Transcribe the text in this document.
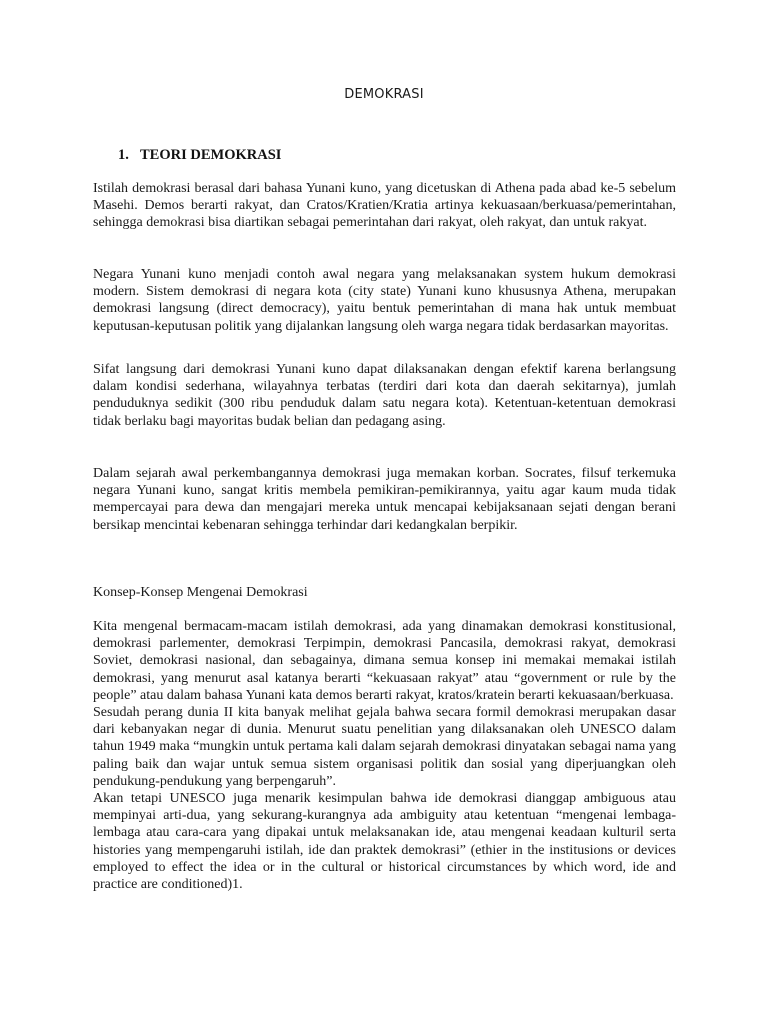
DEMOKRASI
1. TEORI DEMOKRASI

Istilah demokrasi berasal dari bahasa Yunani kuno, yang dicetuskan di Athena pada abad ke-5 sebelum Masehi. Demos berarti rakyat, dan Cratos/Kratien/Kratia artinya kekuasaan/berkuasa/pemerintahan, sehingga demokrasi bisa diartikan sebagai pemerintahan dari rakyat, oleh rakyat, dan untuk rakyat.

Negara Yunani kuno menjadi contoh awal negara yang melaksanakan system hukum demokrasi modern. Sistem demokrasi di negara kota (city state) Yunani kuno khususnya Athena, merupakan demokrasi langsung (direct democracy), yaitu bentuk pemerintahan di mana hak untuk membuat keputusan-keputusan politik yang dijalankan langsung oleh warga negara tidak berdasarkan mayoritas.

Sifat langsung dari demokrasi Yunani kuno dapat dilaksanakan dengan efektif karena berlangsung dalam kondisi sederhana, wilayahnya terbatas (terdiri dari kota dan daerah sekitarnya), jumlah penduduknya sedikit (300 ribu penduduk dalam satu negara kota). Ketentuan-ketentuan demokrasi tidak berlaku bagi mayoritas budak belian dan pedagang asing.

Dalam sejarah awal perkembangannya demokrasi juga memakan korban. Socrates, filsuf terkemuka negara Yunani kuno, sangat kritis membela pemikiran-pemikirannya, yaitu agar kaum muda tidak mempercayai para dewa dan mengajari mereka untuk mencapai kebijaksanaan sejati dengan berani bersikap mencintai kebenaran sehingga terhindar dari kedangkalan berpikir.

Konsep-Konsep Mengenai Demokrasi

Kita mengenal bermacam-macam istilah demokrasi, ada yang dinamakan demokrasi konstitusional, demokrasi parlementer, demokrasi Terpimpin, demokrasi Pancasila, demokrasi rakyat, demokrasi Soviet, demokrasi nasional, dan sebagainya, dimana semua konsep ini memakai memakai istilah demokrasi, yang menurut asal katanya berarti “kekuasaan rakyat” atau “government or rule by the people” atau dalam bahasa Yunani kata demos berarti rakyat, kratos/kratein berarti kekuasaan/berkuasa.

Sesudah perang dunia II kita banyak melihat gejala bahwa secara formil demokrasi merupakan dasar dari kebanyakan negar di dunia. Menurut suatu penelitian yang dilaksanakan oleh UNESCO dalam tahun 1949 maka “mungkin untuk pertama kali dalam sejarah demokrasi dinyatakan sebagai nama yang paling baik dan wajar untuk semua sistem organisasi politik dan sosial yang diperjuangkan oleh pendukung-pendukung yang berpengaruh”.

Akan tetapi UNESCO juga menarik kesimpulan bahwa ide demokrasi dianggap ambiguous atau mempinyai arti-dua, yang sekurang-kurangnya ada ambiguity atau ketentuan “mengenai lembaga-lembaga atau cara-cara yang dipakai untuk melaksanakan ide, atau mengenai keadaan kulturil serta histories yang mempengaruhi istilah, ide dan praktek demokrasi” (ethier in the institusions or devices employed to effect the idea or in the cultural or historical circumstances by which word, ide and practice are conditioned)1.
